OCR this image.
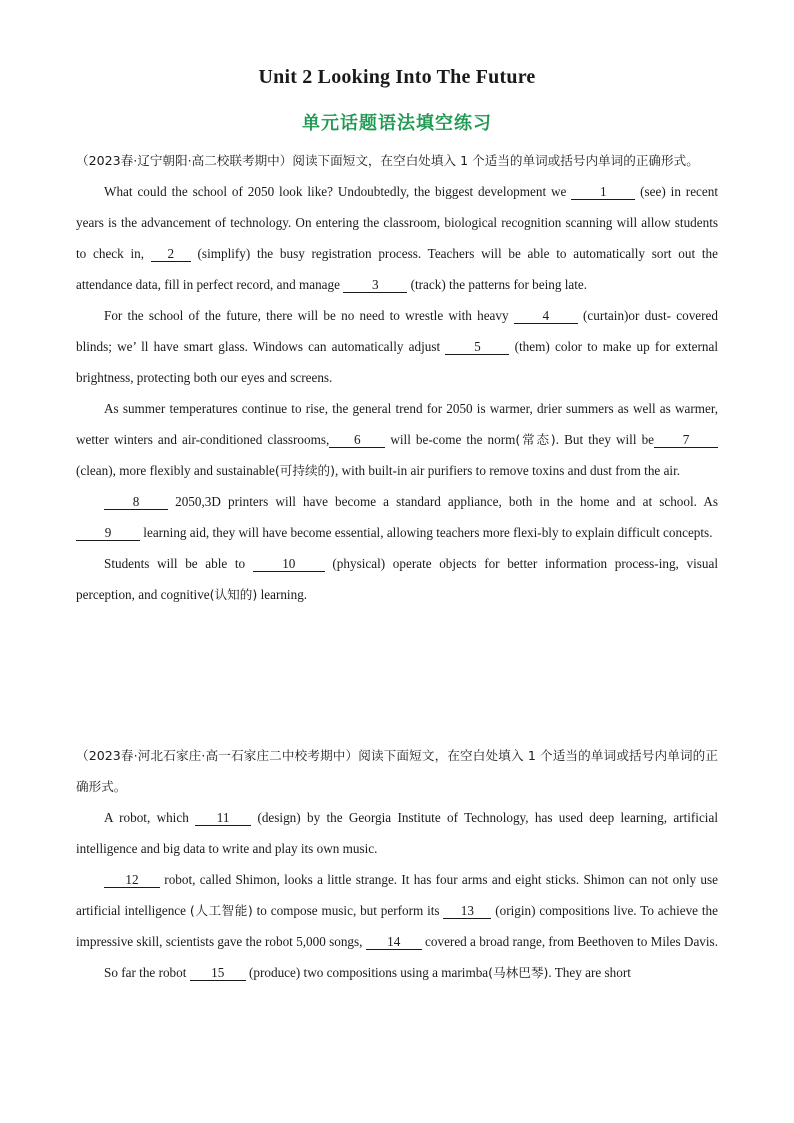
Unit 2 Looking Into The Future
单元话题语法填空练习
（2023春·辽宁朝阳·高二校联考期中）阅读下面短文，在空白处填入 1 个适当的单词或括号内单词的正确形式。

What could the school of 2050 look like? Undoubtedly, the biggest development we 1 (see) in recent years is the advancement of technology. On entering the classroom, biological recognition scanning will allow students to check in, 2 (simplify) the busy registration process. Teachers will be able to automatically sort out the attendance data, fill in perfect record, and manage 3 (track) the patterns for being late.

For the school of the future, there will be no need to wrestle with heavy 4 (curtain)or dust- covered blinds; we’ ll have smart glass. Windows can automatically adjust 5 (them) color to make up for external brightness, protecting both our eyes and screens.

As summer temperatures continue to rise, the general trend for 2050 is warmer, drier summers as well as warmer, wetter winters and air-conditioned classrooms, 6 will be-come the norm(常态). But they will be 7 (clean), more flexibly and sustainable(可持续的), with built-in air purifiers to remove toxins and dust from the air.

8 2050,3D printers will have become a standard appliance, both in the home and at school. As9 learning aid, they will have become essential, allowing teachers more flexi-bly to explain difficult concepts.

Students will be able to 10 (physical) operate objects for better information process-ing, visual perception, and cognitive(认知的) learning.

（2023春·河北石家庄·高一石家庄二中校考期中）阅读下面短文，在空白处填入 1 个适当的单词或括号内单词的正确形式。

A robot, which 11 (design) by the Georgia Institute of Technology, has used deep learning, artificial intelligence and big data to write and play its own music.

12 robot, called Shimon, looks a little strange. It has four arms and eight sticks. Shimon can not only use artificial intelligence (人工智能) to compose music, but perform its 13 (origin) compositions live. To achieve the impressive skill, scientists gave the robot 5,000 songs, 14 covered a broad range, from Beethoven to Miles Davis.

So far the robot 15 (produce) two compositions using a marimba(马林巴琴). They are short
